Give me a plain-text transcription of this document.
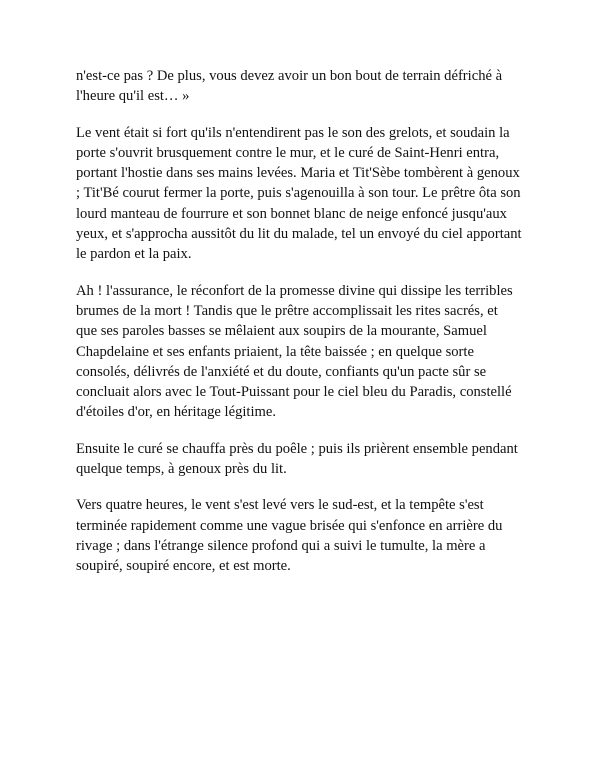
n'est-ce pas ? De plus, vous devez avoir un bon bout de terrain défriché à
l'heure qu'il est… »

Le vent était si fort qu'ils n'entendirent pas le son des grelots, et soudain la
porte s'ouvrit brusquement contre le mur, et le curé de Saint-Henri entra,
portant l'hostie dans ses mains levées. Maria et Tit'Sèbe tombèrent à genoux
; Tit'Bé courut fermer la porte, puis s'agenouilla à son tour. Le prêtre ôta son
lourd manteau de fourrure et son bonnet blanc de neige enfoncé jusqu'aux
yeux, et s'approcha aussitôt du lit du malade, tel un envoyé du ciel apportant
le pardon et la paix.

Ah ! l'assurance, le réconfort de la promesse divine qui dissipe les terribles
brumes de la mort ! Tandis que le prêtre accomplissait les rites sacrés, et
que ses paroles basses se mêlaient aux soupirs de la mourante, Samuel
Chapdelaine et ses enfants priaient, la tête baissée ; en quelque sorte
consolés, délivrés de l'anxiété et du doute, confiants qu'un pacte sûr se
concluait alors avec le Tout-Puissant pour le ciel bleu du Paradis, constellé
d'étoiles d'or, en héritage légitime.

Ensuite le curé se chauffa près du poêle ; puis ils prièrent ensemble pendant
quelque temps, à genoux près du lit.

Vers quatre heures, le vent s'est levé vers le sud-est, et la tempête s'est
terminée rapidement comme une vague brisée qui s'enfonce en arrière du
rivage ; dans l'étrange silence profond qui a suivi le tumulte, la mère a
soupiré, soupiré encore, et est morte.
